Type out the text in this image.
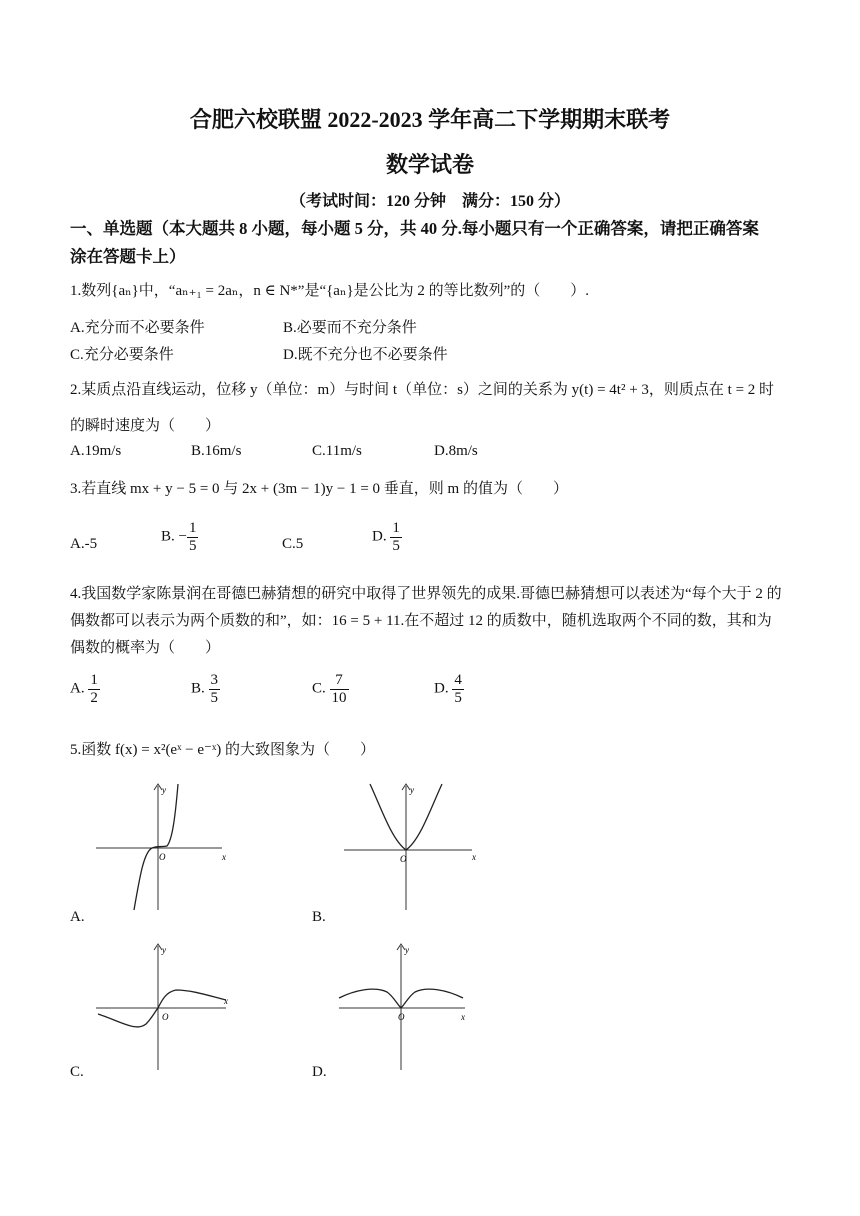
合肥六校联盟 2022-2023 学年高二下学期期末联考
数学试卷
（考试时间：120 分钟　满分：150 分）
一、单选题（本大题共 8 小题，每小题 5 分，共 40 分.每小题只有一个正确答案，请把正确答案
涂在答题卡上）
1.数列{aₙ}中，“aₙ₊₁ = 2aₙ，n ∈ N*”是“{aₙ}是公比为 2 的等比数列”的（　　）.
A.充分而不必要条件	B.必要而不充分条件
C.充分必要条件	D.既不充分也不必要条件
2.某质点沿直线运动，位移 y（单位：m）与时间 t（单位：s）之间的关系为 y(t) = 4t² + 3，则质点在 t = 2 时
的瞬时速度为（　　）
A.19m/s	B.16m/s	C.11m/s	D.8m/s
3.若直线 mx + y − 5 = 0 与 2x + (3m − 1)y − 1 = 0 垂直，则 m 的值为（　　）
A.-5	B. − $\frac{1}{5}$	C.5	D. $\frac{1}{5}$
4.我国数学家陈景润在哥德巴赫猜想的研究中取得了世界领先的成果.哥德巴赫猜想可以表述为“每个大于 2 的
偶数都可以表示为两个质数的和”，如：16 = 5 + 11.在不超过 12 的质数中，随机选取两个不同的数，其和为
偶数的概率为（　　）
A. $\frac{1}{2}$	B. $\frac{3}{5}$	C. $\frac{7}{10}$	D. $\frac{4}{5}$
5.函数 f(x) = x²(eˣ − e⁻ˣ) 的大致图象为（　　）
y
x
O
A.
y
x
O
B.
y
x
O
C.
y
x
O
D.
